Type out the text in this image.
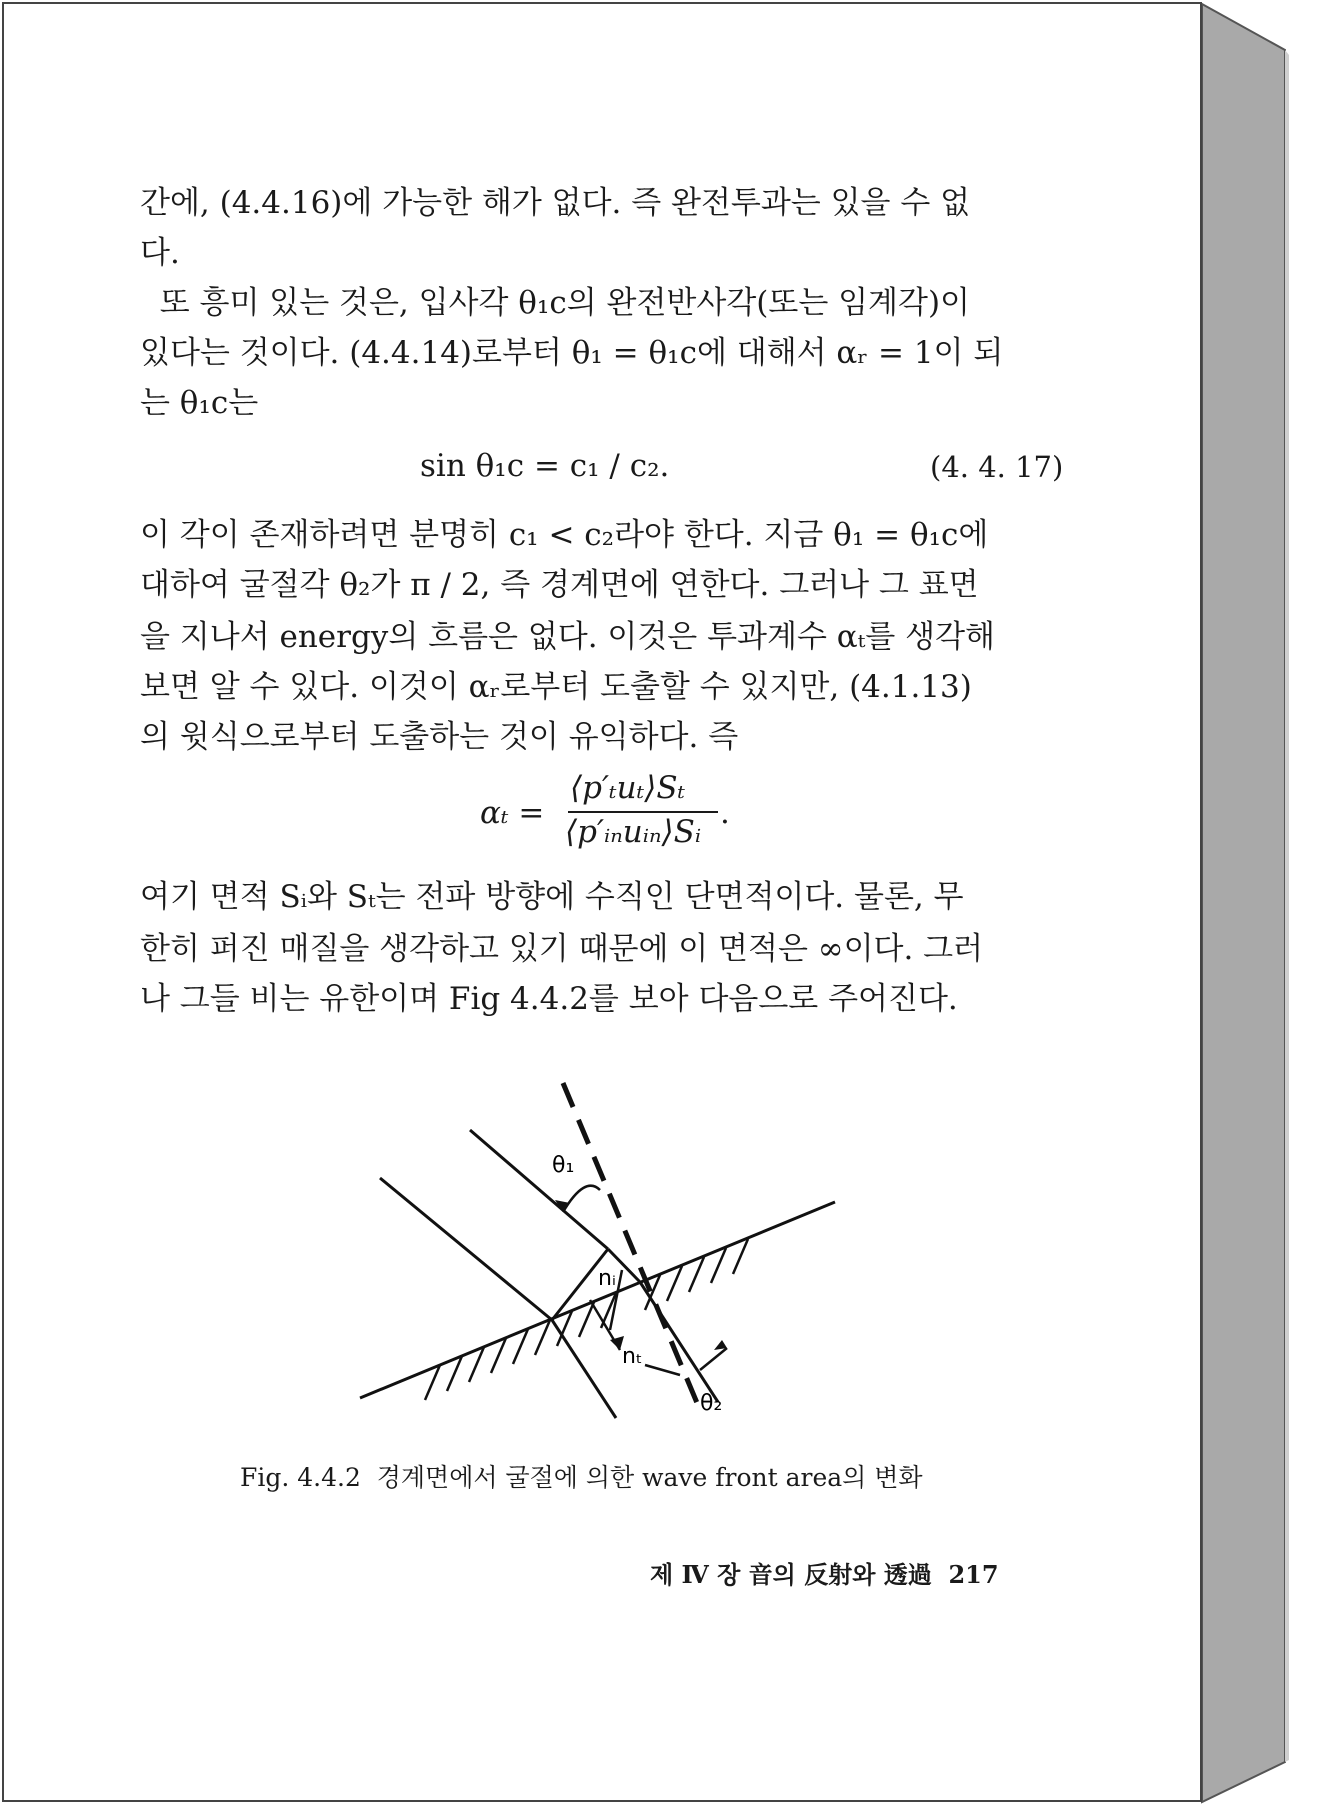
간에, (4.4.16)에 가능한 해가 없다. 즉 완전투과는 있을 수 없
다.
또 흥미 있는 것은, 입사각 θ₁c의 완전반사각(또는 임계각)이
있다는 것이다. (4.4.14)로부터 θ₁ = θ₁c에 대해서 αᵣ = 1이 되
는 θ₁c는
sin θ₁c = c₁ / c₂.	(4. 4. 17)
이 각이 존재하려면 분명히 c₁ < c₂라야 한다. 지금 θ₁ = θ₁c에
대하여 굴절각 θ₂가 π / 2, 즉 경계면에 연한다. 그러나 그 표면
을 지나서 energy의 흐름은 없다. 이것은 투과계수 αₜ를 생각해
보면 알 수 있다. 이것이 αᵣ로부터 도출할 수 있지만, (4.1.13)
의 윗식으로부터 도출하는 것이 유익하다. 즉
αₜ =
⟨p′ₜuₜ⟩Sₜ
⟨p′ᵢₙuᵢₙ⟩Sᵢ
.
여기 면적 Sᵢ와 Sₜ는 전파 방향에 수직인 단면적이다. 물론, 무
한히 퍼진 매질을 생각하고 있기 때문에 이 면적은 ∞이다. 그러
나 그들 비는 유한이며 Fig 4.4.2를 보아 다음으로 주어진다.
θ₁
nᵢ
nₜ
θ₂
Fig. 4.4.2  경계면에서 굴절에 의한 wave front area의 변화
제 Ⅳ 장 音의 反射와 透過  217
